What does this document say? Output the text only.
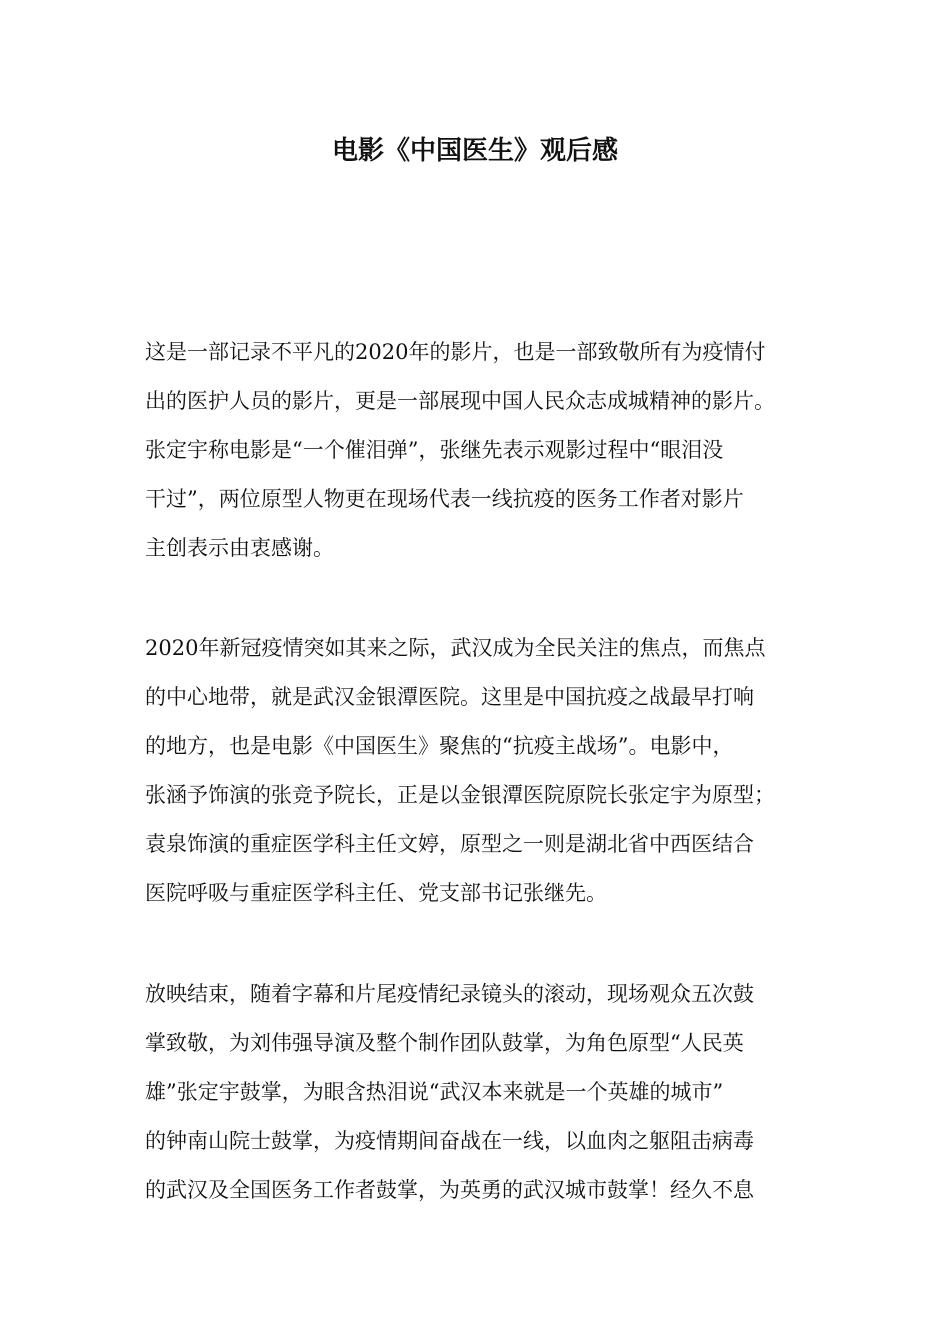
电影《中国医生》观后感
这是一部记录不平凡的2020年的影片，也是一部致敬所有为疫情付
出的医护人员的影片，更是一部展现中国人民众志成城精神的影片。
张定宇称电影是“一个催泪弹”，张继先表示观影过程中“眼泪没
干过”，两位原型人物更在现场代表一线抗疫的医务工作者对影片
主创表示由衷感谢。
2020年新冠疫情突如其来之际，武汉成为全民关注的焦点，而焦点
的中心地带，就是武汉金银潭医院。这里是中国抗疫之战最早打响
的地方，也是电影《中国医生》聚焦的“抗疫主战场”。电影中，
张涵予饰演的张竞予院长，正是以金银潭医院原院长张定宇为原型；
袁泉饰演的重症医学科主任文婷，原型之一则是湖北省中西医结合
医院呼吸与重症医学科主任、党支部书记张继先。
放映结束，随着字幕和片尾疫情纪录镜头的滚动，现场观众五次鼓
掌致敬，为刘伟强导演及整个制作团队鼓掌，为角色原型“人民英
雄”张定宇鼓掌，为眼含热泪说“武汉本来就是一个英雄的城市”
的钟南山院士鼓掌，为疫情期间奋战在一线，以血肉之躯阻击病毒
的武汉及全国医务工作者鼓掌，为英勇的武汉城市鼓掌！经久不息
